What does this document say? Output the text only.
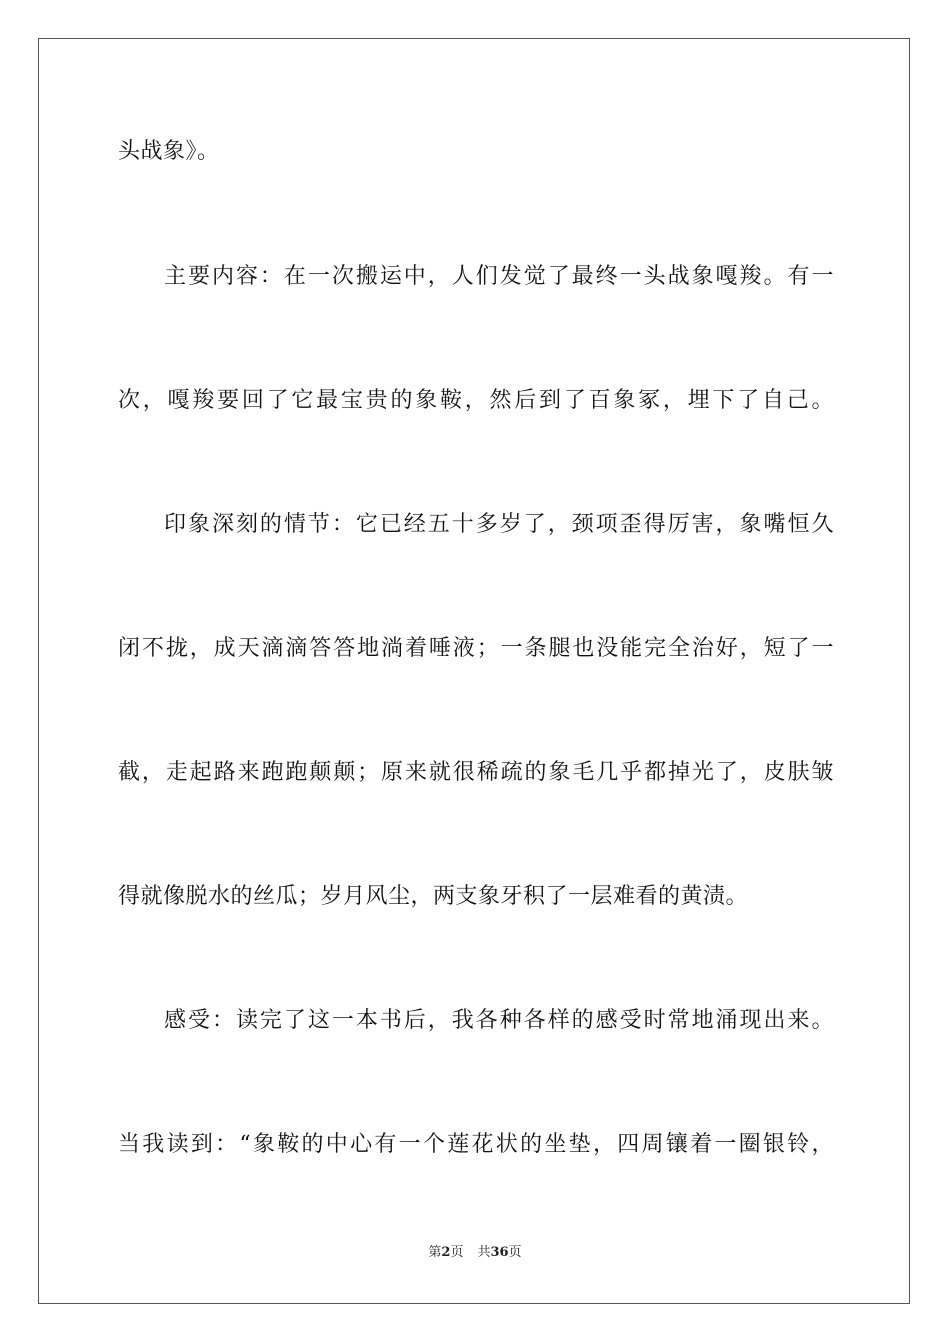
头战象》。
主要内容：在一次搬运中，人们发觉了最终一头战象嘎羧。有一
次，嘎羧要回了它最宝贵的象鞍，然后到了百象冢，埋下了自己。
印象深刻的情节：它已经五十多岁了，颈项歪得厉害，象嘴恒久
闭不拢，成天滴滴答答地淌着唾液；一条腿也没能完全治好，短了一
截，走起路来跑跑颠颠；原来就很稀疏的象毛几乎都掉光了，皮肤皱
得就像脱水的丝瓜；岁月风尘，两支象牙积了一层难看的黄渍。
感受：读完了这一本书后，我各种各样的感受时常地涌现出来。
当我读到：“象鞍的中心有一个莲花状的坐垫，四周镶着一圈银铃，
第2页 共36页
